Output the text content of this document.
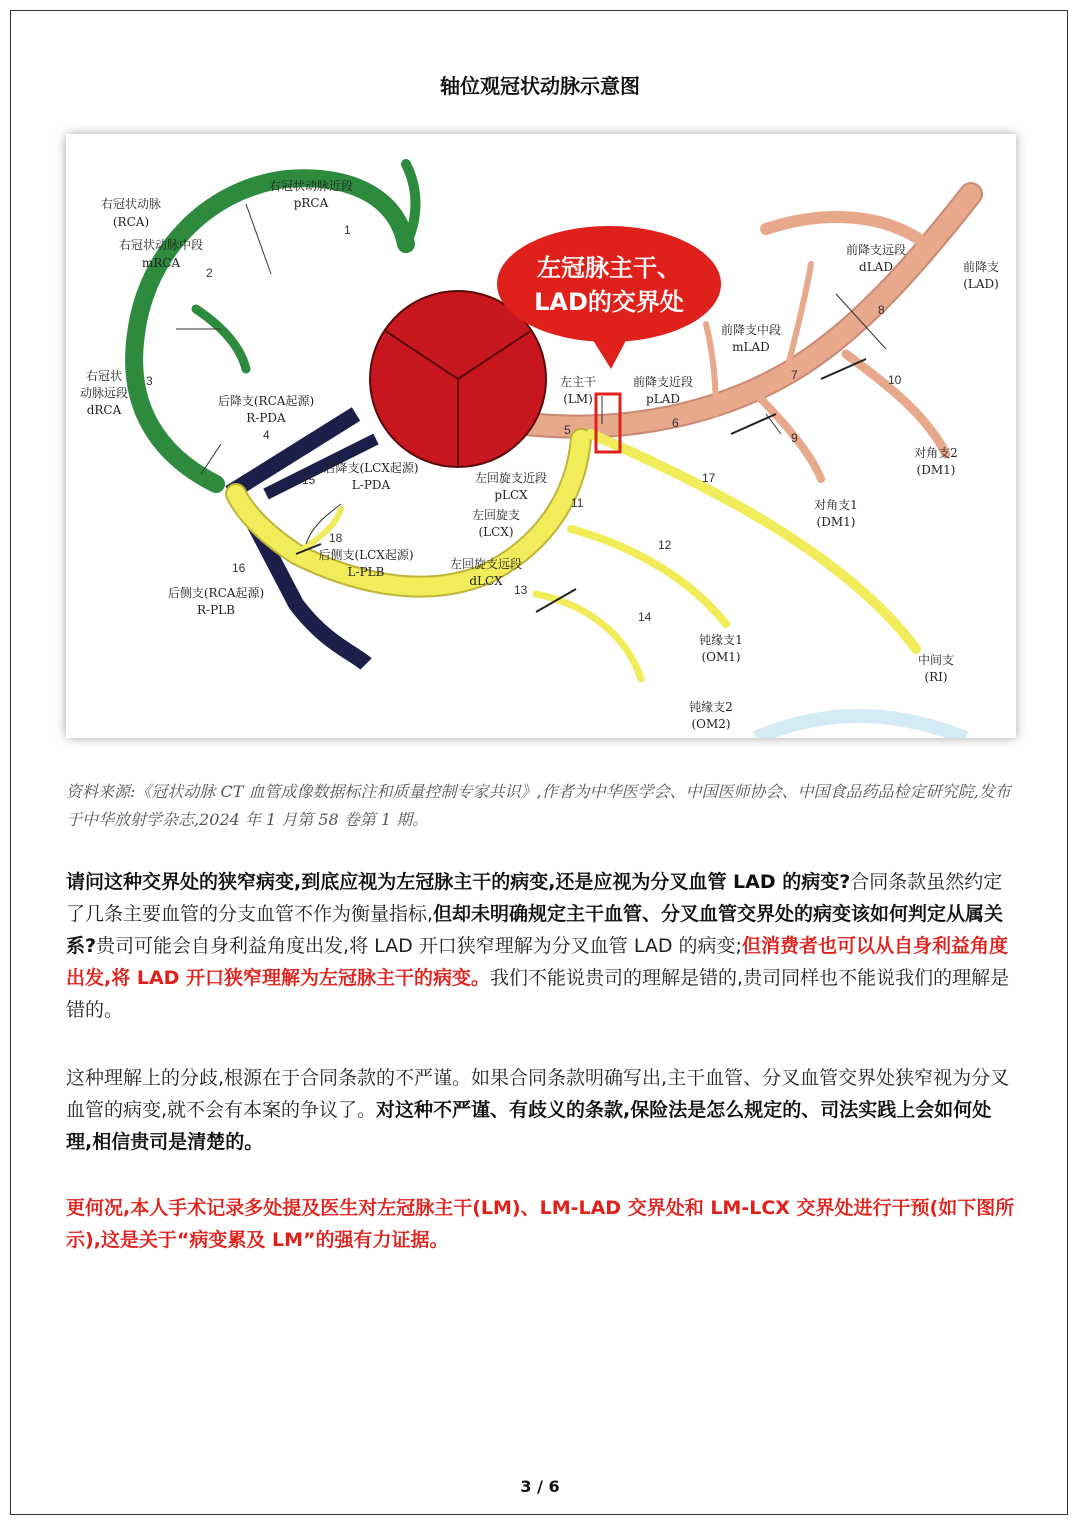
轴位观冠状动脉示意图
左冠脉主干、
LAD的交界处
右冠状动脉
(RCA)
右冠状动脉近段
pRCA
右冠状动脉中段
mRCA
右冠状
动脉远段
dRCA
后降支(RCA起源)
R-PDA
后降支(LCX起源)
L-PDA
后侧支(LCX起源)
L-PLB
后侧支(RCA起源)
R-PLB
左主干
(LM)
前降支近段
pLAD
前降支中段
mLAD
前降支远段
dLAD	前降支
(LAD)
对角支2
(DM1)
对角支1
(DM1)
左回旋支近段
pLCX
左回旋支
(LCX)
左回旋支远段
dLCX
钝缘支1
(OM1)
钝缘支2
(OM2)
中间支
(RI)
1
2
3
4	5	6
7
8
9
10
11
12
13
14
15
16
17
18
资料来源:《冠状动脉 CT 血管成像数据标注和质量控制专家共识》,作者为中华医学会、中国医师协会、中国食品药品检定研究院,发布于中华放射学杂志,2024 年 1 月第 58 卷第 1 期。
请问这种交界处的狭窄病变,到底应视为左冠脉主干的病变,还是应视为分叉血管 LAD 的病变?合同条款虽然约定了几条主要血管的分支血管不作为衡量指标,但却未明确规定主干血管、分叉血管交界处的病变该如何判定从属关系?贵司可能会自身利益角度出发,将 LAD 开口狭窄理解为分叉血管 LAD 的病变;但消费者也可以从自身利益角度出发,将 LAD 开口狭窄理解为左冠脉主干的病变。我们不能说贵司的理解是错的,贵司同样也不能说我们的理解是错的。
这种理解上的分歧,根源在于合同条款的不严谨。如果合同条款明确写出,主干血管、分叉血管交界处狭窄视为分叉血管的病变,就不会有本案的争议了。对这种不严谨、有歧义的条款,保险法是怎么规定的、司法实践上会如何处理,相信贵司是清楚的。
更何况,本人手术记录多处提及医生对左冠脉主干(LM)、LM-LAD 交界处和 LM-LCX 交界处进行干预(如下图所示),这是关于“病变累及 LM”的强有力证据。
3 / 6
